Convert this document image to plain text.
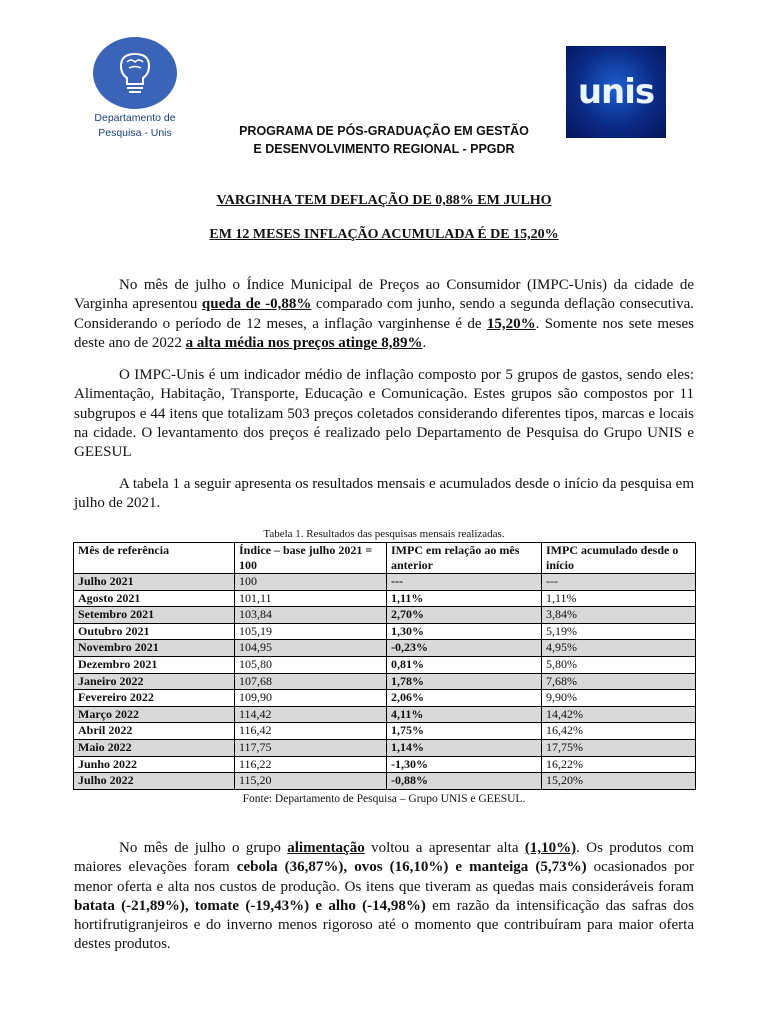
Departamento de
Pesquisa - Unis
unis
PROGRAMA DE PÓS-GRADUAÇÃO EM GESTÃO
E DESENVOLVIMENTO REGIONAL - PPGDR
VARGINHA TEM DEFLAÇÃO DE 0,88% EM JULHO
EM 12 MESES INFLAÇÃO ACUMULADA É DE 15,20%

No mês de julho o Índice Municipal de Preços ao Consumidor (IMPC-Unis) da cidade de Varginha apresentou queda de -0,88% comparado com junho, sendo a segunda deflação consecutiva. Considerando o período de 12 meses, a inflação varginhense é de 15,20%. Somente nos sete meses deste ano de 2022 a alta média nos preços atinge 8,89%.

O IMPC-Unis é um indicador médio de inflação composto por 5 grupos de gastos, sendo eles: Alimentação, Habitação, Transporte, Educação e Comunicação. Estes grupos são compostos por 11 subgrupos e 44 itens que totalizam 503 preços coletados considerando diferentes tipos, marcas e locais na cidade. O levantamento dos preços é realizado pelo Departamento de Pesquisa do Grupo UNIS e GEESUL

A tabela 1 a seguir apresenta os resultados mensais e acumulados desde o início da pesquisa em julho de 2021.

Tabela 1. Resultados das pesquisas mensais realizadas.
Mês de referência	Índice – base julho 2021 = 100	IMPC em relação ao mês anterior	IMPC acumulado desde o início
Julho 2021	100	---	---
Agosto 2021	101,11	1,11%	1,11%
Setembro 2021	103,84	2,70%	3,84%
Outubro 2021	105,19	1,30%	5,19%
Novembro 2021	104,95	-0,23%	4,95%
Dezembro 2021	105,80	0,81%	5,80%
Janeiro 2022	107,68	1,78%	7,68%
Fevereiro 2022	109,90	2,06%	9,90%
Março 2022	114,42	4,11%	14,42%
Abril 2022	116,42	1,75%	16,42%
Maio 2022	117,75	1,14%	17,75%
Junho 2022	116,22	-1,30%	16,22%
Julho 2022	115,20	-0,88%	15,20%
Fonte: Departamento de Pesquisa – Grupo UNIS e GEESUL.

No mês de julho o grupo alimentação voltou a apresentar alta (1,10%). Os produtos com maiores elevações foram cebola (36,87%), ovos (16,10%) e manteiga (5,73%) ocasionados por menor oferta e alta nos custos de produção. Os itens que tiveram as quedas mais consideráveis foram batata (-21,89%), tomate (-19,43%) e alho (-14,98%) em razão da intensificação das safras dos hortifrutigranjeiros e do inverno menos rigoroso até o momento que contribuíram para maior oferta destes produtos.
